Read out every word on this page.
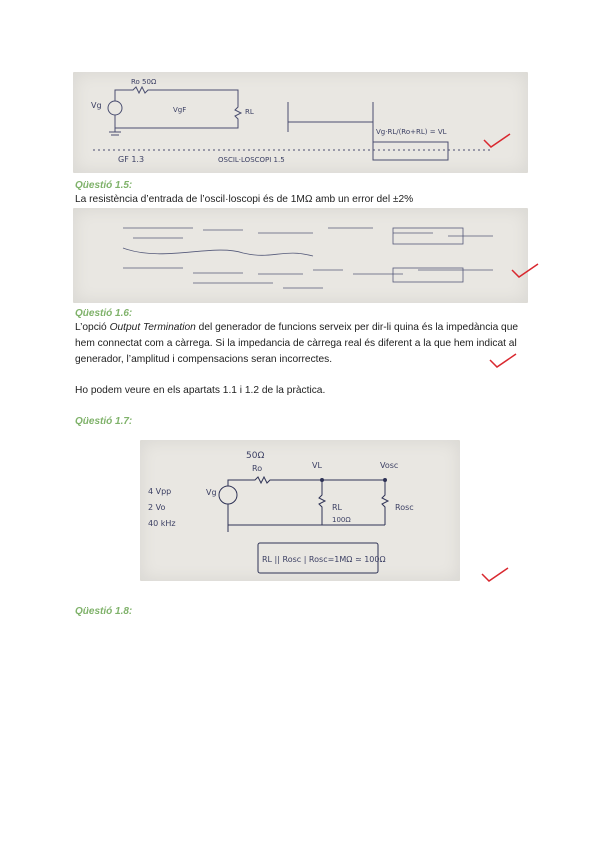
Vg
Ro 50Ω
VgF	RL
GF 1.3	OSCIL·LOSCOPI 1.5
Vg·RL/(Ro+RL) = VL
Qüestió 1.5:
La resistència d’entrada de l’oscil·loscopi és de 1MΩ amb un error del ±2%
Qüestió 1.6:
L’opció Output Termination del generador de funcions serveix per dir-li quina és la impedància que hem connectat com a càrrega. Si la impedancia de càrrega real és diferent a la que hem indicat al generador, l’amplitud i compensacions seran incorrectes.
Ho podem veure en els apartats 1.1 i 1.2 de la pràctica.
Qüestió 1.7:
50Ω
Ro	VL	Vosc
RL
100Ω
Rosc
Vg
4 Vpp
2 Vo
40 kHz
RL || Rosc | Rosc=1MΩ ≃ 100Ω
Qüestió 1.8:
